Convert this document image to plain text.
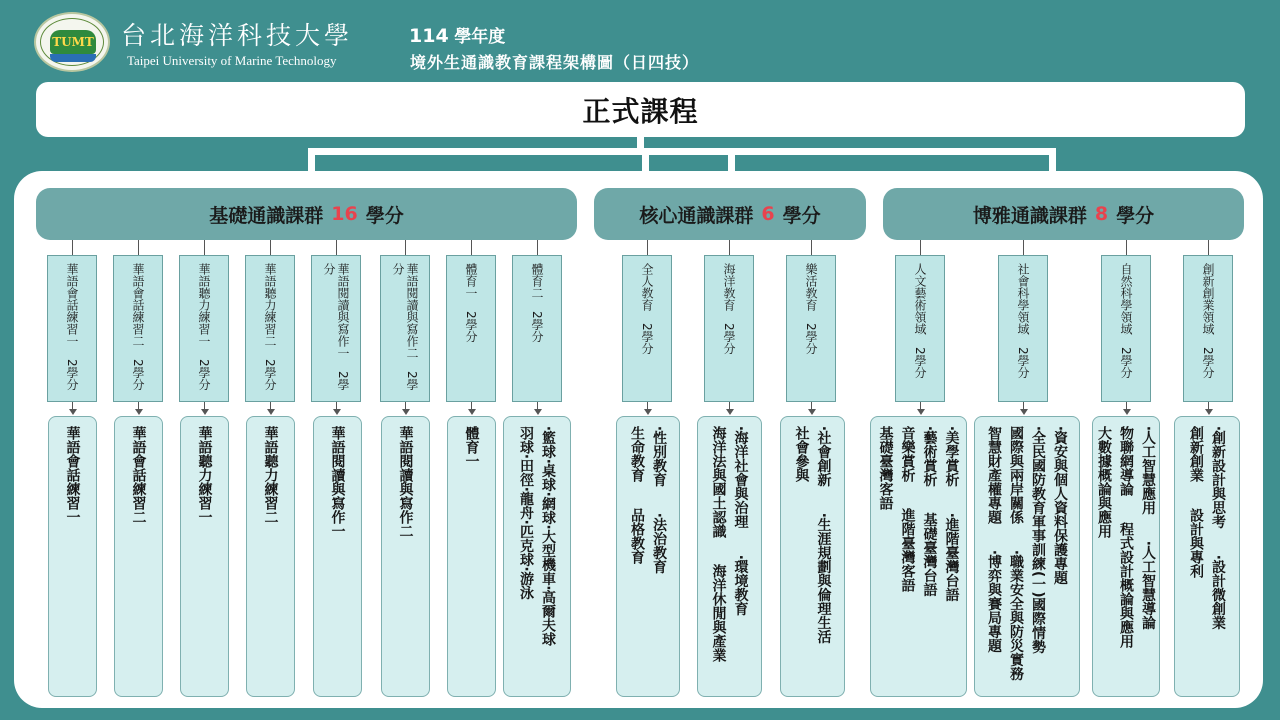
TUMT 台北海洋科技大學
Taipei University of Marine Technology
114 學年度
境外生通識教育課程架構圖（日四技）
正式課程
基礎通識課群 16 學分	核心通識課群 6 學分	博雅通識課群 8 學分
華語會話練習一2學分
華語會話練習一
華語會話練習二2學分
華語會話練習二
華語聽力練習一2學分
華語聽力練習一
華語聽力練習二2學分
華語聽力練習二
華語閱讀與寫作一2學分
華語閱讀與寫作一
華語閱讀與寫作二2學分
華語閱讀與寫作二
體育一2學分
體育一
體育二2學分
‧籃球‧桌球‧網球‧大型機車‧高爾夫球
羽球‧田徑‧龍舟‧匹克球‧游泳
全人教育2學分
‧性別教育‧法治教育
生命教育品格教育
海洋教育2學分
‧海洋社會與治理‧環境教育
海洋法與國土認識海洋休閒與產業
樂活教育2學分
‧社會創新‧生涯規劃與倫理生活
社會參與
人文藝術領域2學分
‧美學賞析‧進階臺灣台語
‧藝術賞析基礎臺灣台語
音樂賞析進階臺灣客語
基礎臺灣客語
社會科學領域2學分
‧資安與個人資料保護專題
‧全民國防教育軍事訓練(一)國際情勢
國際與兩岸關係‧職業安全與防災實務
智慧財產權專題‧博弈與賽局專題
自然科學領域2學分
‧人工智慧應用‧人工智慧導論
物聯網導論程式設計概論與應用
大數據概論與應用
創新創業領域2學分
‧創新設計與思考‧設計微創業
創新創業設計與專利
